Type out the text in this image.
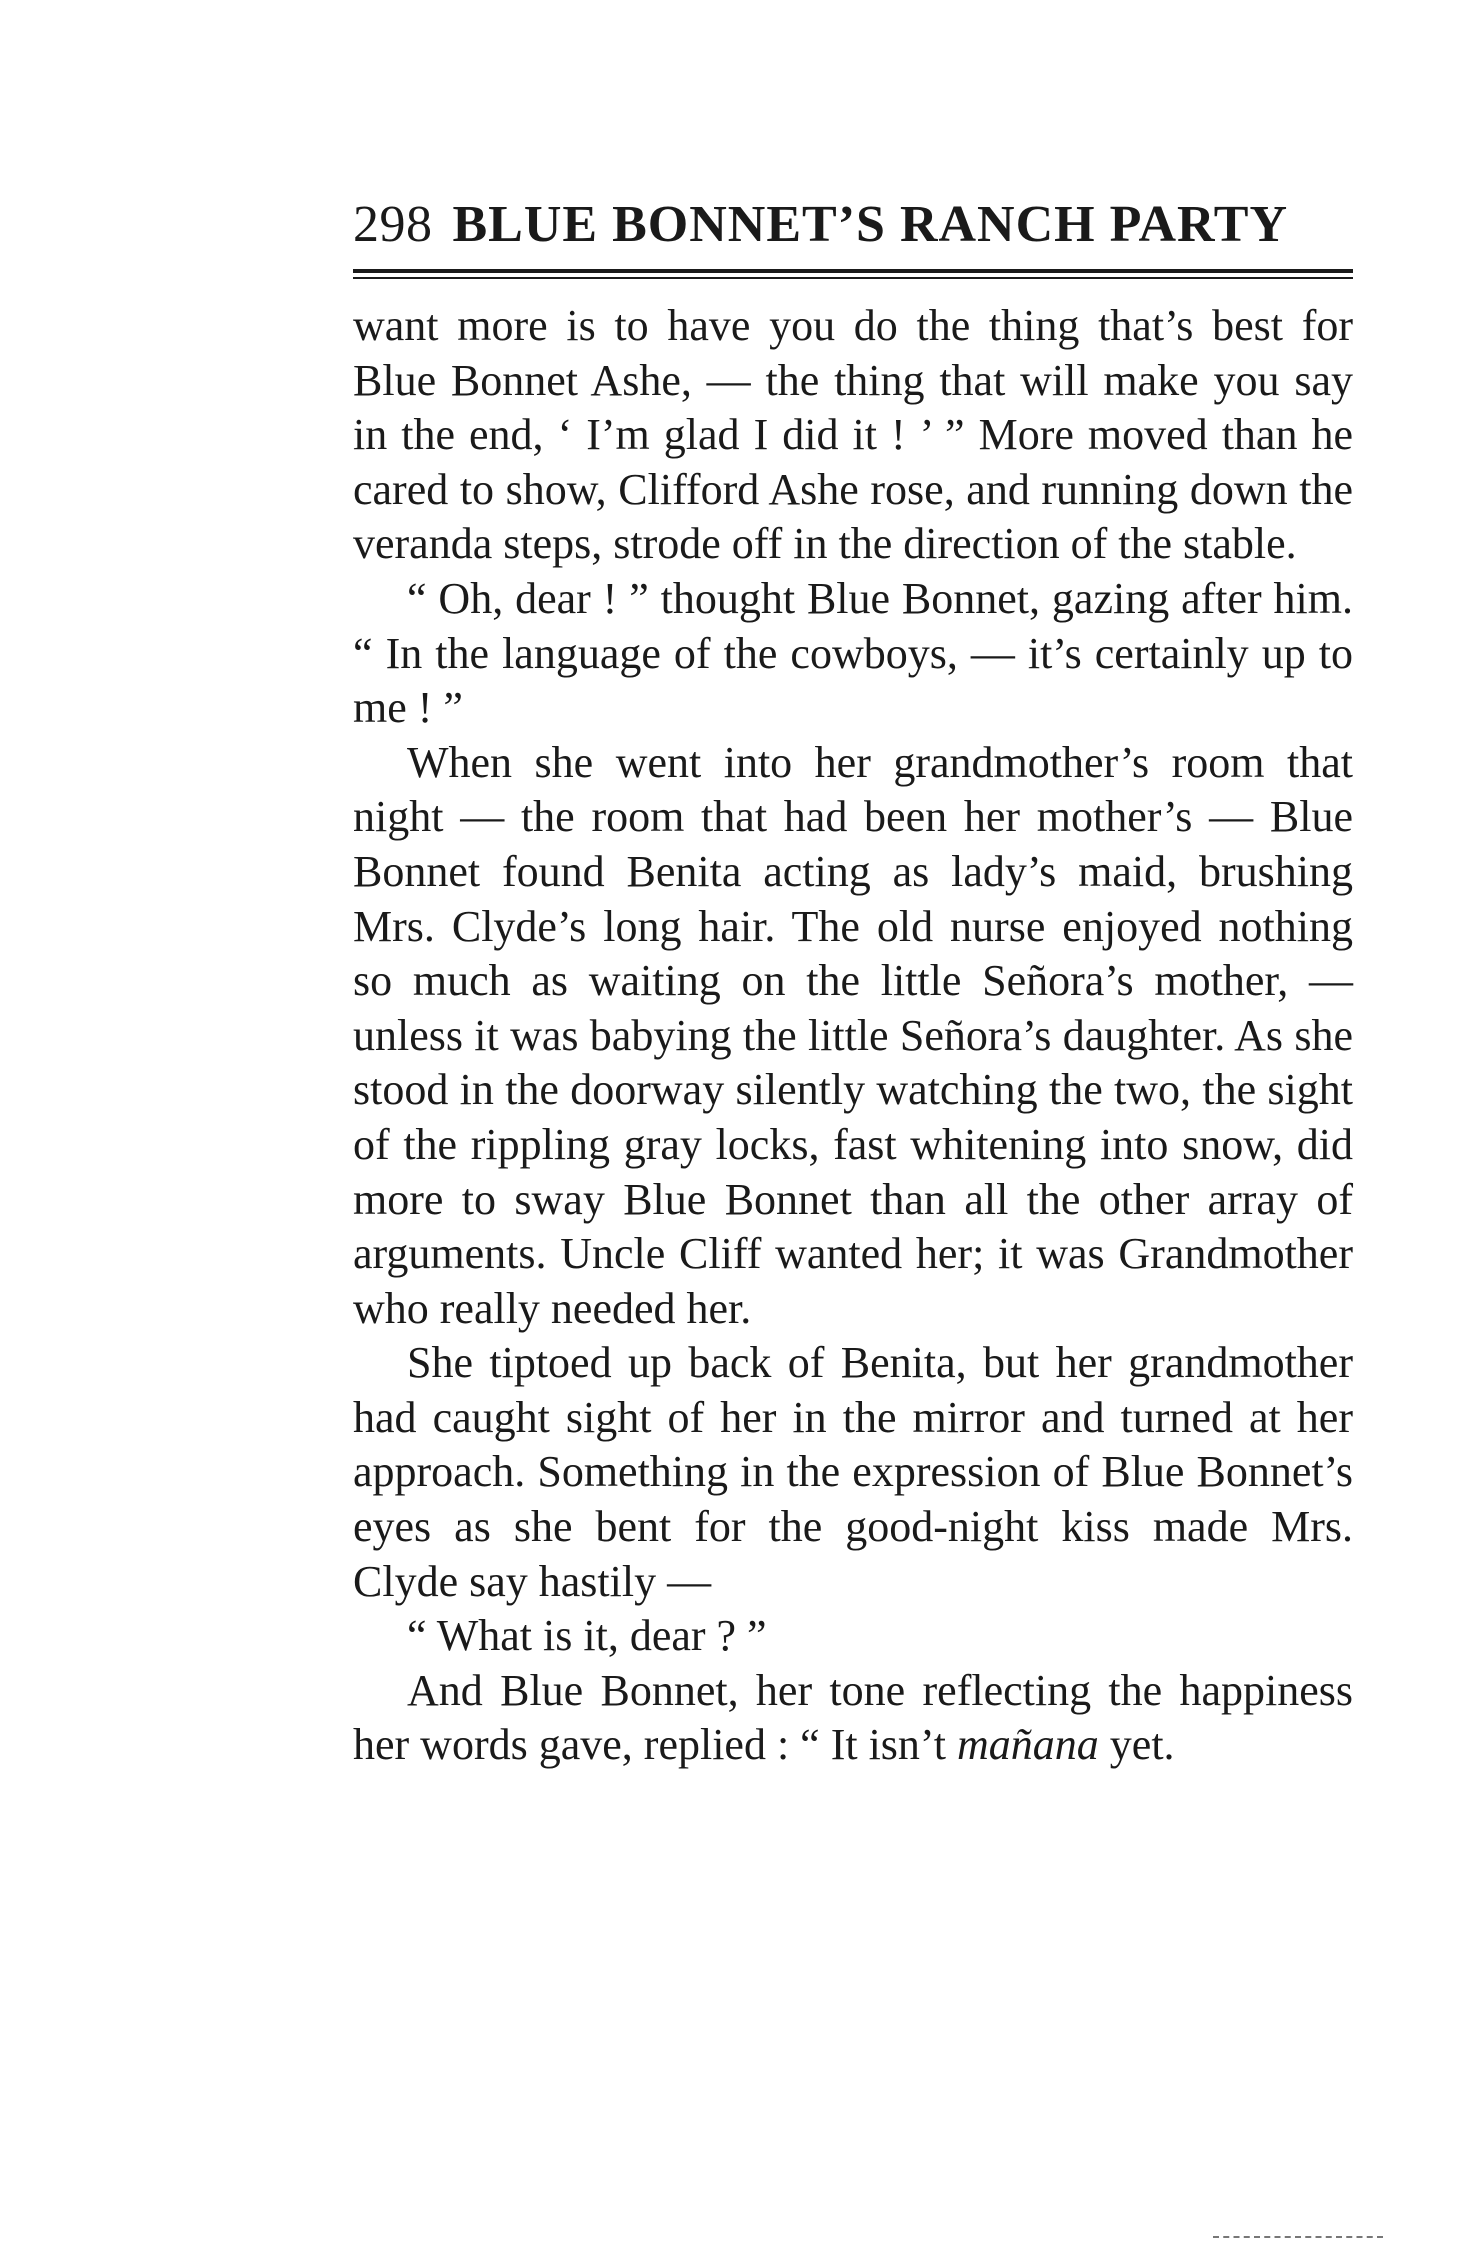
298 BLUE BONNET’S RANCH PARTY

want more is to have you do the thing that’s best for Blue Bonnet Ashe, — the thing that will make you say in the end, ‘ I’m glad I did it ! ’ ” More moved than he cared to show, Clifford Ashe rose, and running down the veranda steps, strode off in the direction of the stable.

“ Oh, dear ! ” thought Blue Bonnet, gazing after him. “ In the language of the cowboys, — it’s certainly up to me ! ”

When she went into her grandmother’s room that night — the room that had been her mother’s — Blue Bonnet found Benita acting as lady’s maid, brushing Mrs. Clyde’s long hair. The old nurse enjoyed nothing so much as waiting on the little Señora’s mother, — unless it was babying the little Señora’s daughter. As she stood in the doorway silently watching the two, the sight of the rippling gray locks, fast whitening into snow, did more to sway Blue Bonnet than all the other array of arguments. Uncle Cliff wanted her; it was Grandmother who really needed her.

She tiptoed up back of Benita, but her grandmother had caught sight of her in the mirror and turned at her approach. Something in the expression of Blue Bonnet’s eyes as she bent for the good-night kiss made Mrs. Clyde say hastily —

“ What is it, dear ? ”

And Blue Bonnet, her tone reflecting the happiness her words gave, replied : “ It isn’t mañana yet.
